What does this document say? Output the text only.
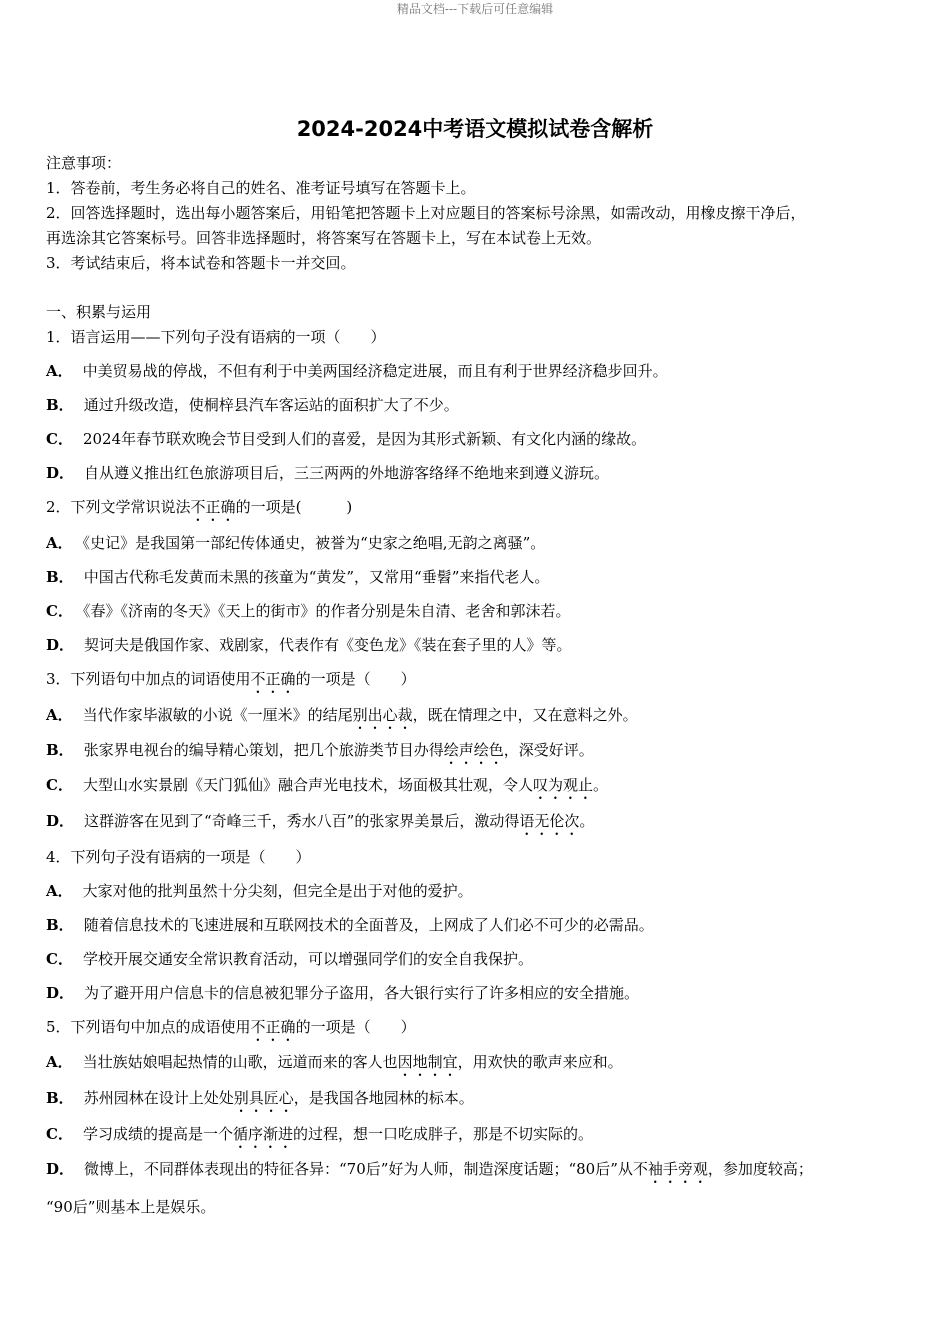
精品文档---下载后可任意编辑
2024-2024中考语文模拟试卷含解析
注意事项：
1．答卷前，考生务必将自己的姓名、准考证号填写在答题卡上。
2．回答选择题时，选出每小题答案后，用铅笔把答题卡上对应题目的答案标号涂黑，如需改动，用橡皮擦干净后，
再选涂其它答案标号。回答非选择题时，将答案写在答题卡上，写在本试卷上无效。
3．考试结束后，将本试卷和答题卡一并交回。
一、积累与运用
1．语言运用——下列句子没有语病的一项（　　）
A． 中美贸易战的停战，不但有利于中美两国经济稳定进展，而且有利于世界经济稳步回升。
B． 通过升级改造，使桐梓县汽车客运站的面积扩大了不少。
C． 2024年春节联欢晚会节目受到人们的喜爱，是因为其形式新颖、有文化内涵的缘故。
D． 自从遵义推出红色旅游项目后，三三两两的外地游客络绎不绝地来到遵义游玩。
2．下列文学常识说法不正确的一项是(　　　)
A． 《史记》是我国第一部纪传体通史，被誉为“史家之绝唱,无韵之离骚”。
B． 中国古代称毛发黄而未黑的孩童为“黄发”，又常用“垂髫”来指代老人。
C． 《春》《济南的冬天》《天上的街市》的作者分别是朱自清、老舍和郭沫若。
D． 契诃夫是俄国作家、戏剧家，代表作有《变色龙》《装在套子里的人》等。
3．下列语句中加点的词语使用不正确的一项是（　　）
A． 当代作家毕淑敏的小说《一厘米》的结尾别出心裁，既在情理之中，又在意料之外。
B． 张家界电视台的编导精心策划，把几个旅游类节目办得绘声绘色，深受好评。
C． 大型山水实景剧《天门狐仙》融合声光电技术，场面极其壮观，令人叹为观止。
D． 这群游客在见到了“奇峰三千，秀水八百”的张家界美景后，激动得语无伦次。
4．下列句子没有语病的一项是（　　）
A． 大家对他的批判虽然十分尖刻，但完全是出于对他的爱护。
B． 随着信息技术的飞速进展和互联网技术的全面普及，上网成了人们必不可少的必需品。
C． 学校开展交通安全常识教育活动，可以增强同学们的安全自我保护。
D． 为了避开用户信息卡的信息被犯罪分子盗用，各大银行实行了许多相应的安全措施。
5．下列语句中加点的成语使用不正确的一项是（　　）
A． 当壮族姑娘唱起热情的山歌，远道而来的客人也因地制宜，用欢快的歌声来应和。
B． 苏州园林在设计上处处别具匠心，是我国各地园林的标本。
C． 学习成绩的提高是一个循序渐进的过程，想一口吃成胖子，那是不切实际的。
D． 微博上，不同群体表现出的特征各异：“70后”好为人师，制造深度话题；“80后”从不袖手旁观，参加度较高；
“90后”则基本上是娱乐。
